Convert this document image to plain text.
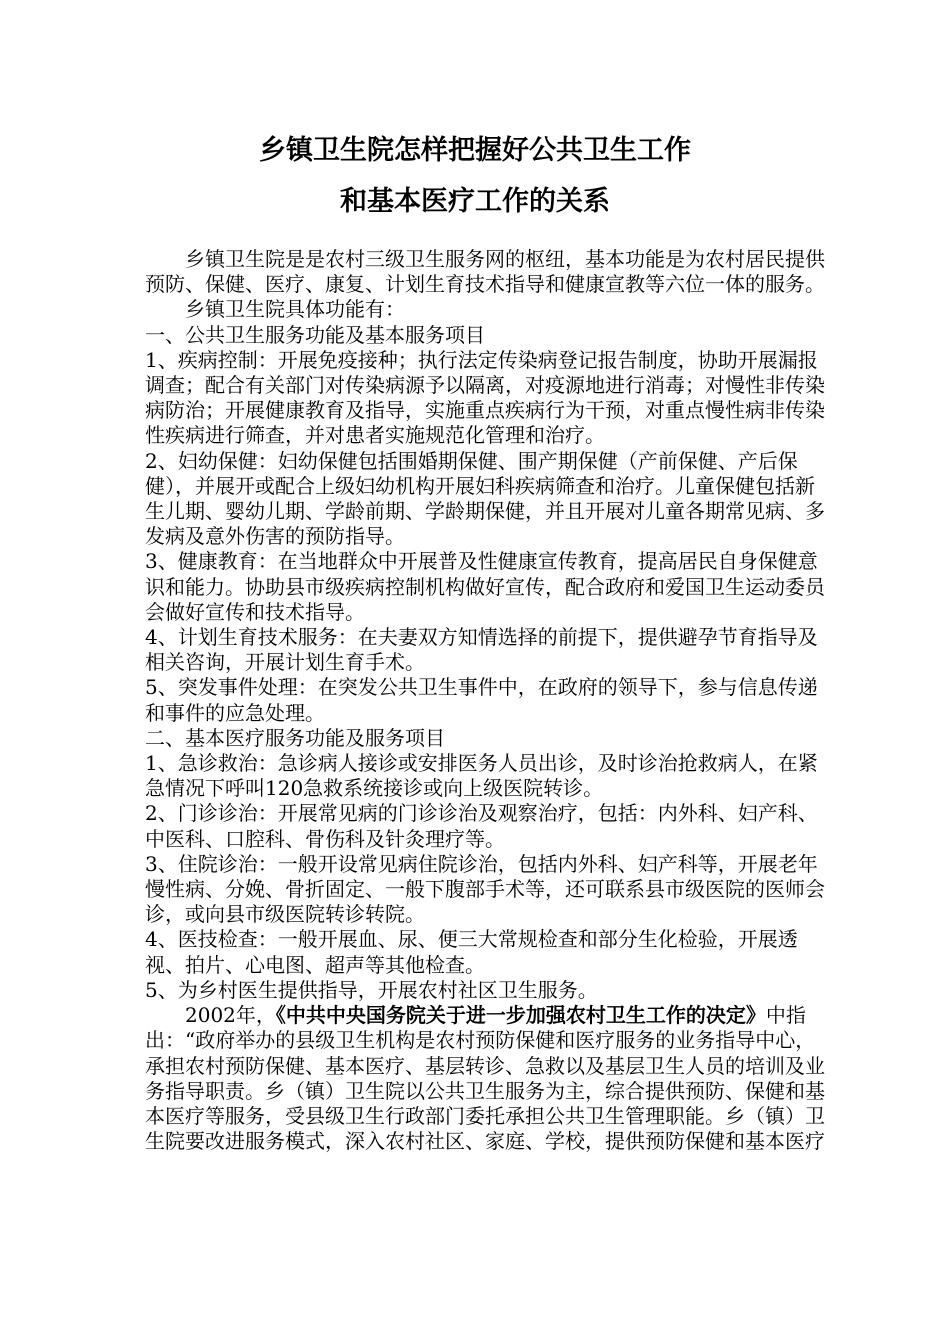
乡镇卫生院怎样把握好公共卫生工作
和基本医疗工作的关系

乡镇卫生院是是农村三级卫生服务网的枢纽，基本功能是为农村居民提供预防、保健、医疗、康复、计划生育技术指导和健康宣教等六位一体的服务。

乡镇卫生院具体功能有：

一、公共卫生服务功能及基本服务项目

1、疾病控制：开展免疫接种；执行法定传染病登记报告制度，协助开展漏报调查；配合有关部门对传染病源予以隔离，对疫源地进行消毒；对慢性非传染病防治；开展健康教育及指导，实施重点疾病行为干预，对重点慢性病非传染性疾病进行筛查，并对患者实施规范化管理和治疗。

2、妇幼保健：妇幼保健包括围婚期保健、围产期保健（产前保健、产后保健），并展开或配合上级妇幼机构开展妇科疾病筛查和治疗。儿童保健包括新生儿期、婴幼儿期、学龄前期、学龄期保健，并且开展对儿童各期常见病、多发病及意外伤害的预防指导。

3、健康教育：在当地群众中开展普及性健康宣传教育，提高居民自身保健意识和能力。协助县市级疾病控制机构做好宣传，配合政府和爱国卫生运动委员会做好宣传和技术指导。

4、计划生育技术服务：在夫妻双方知情选择的前提下，提供避孕节育指导及相关咨询，开展计划生育手术。

5、突发事件处理：在突发公共卫生事件中，在政府的领导下，参与信息传递和事件的应急处理。

二、基本医疗服务功能及服务项目

1、急诊救治：急诊病人接诊或安排医务人员出诊，及时诊治抢救病人，在紧急情况下呼叫120急救系统接诊或向上级医院转诊。

2、门诊诊治：开展常见病的门诊诊治及观察治疗，包括：内外科、妇产科、中医科、口腔科、骨伤科及针灸理疗等。

3、住院诊治：一般开设常见病住院诊治，包括内外科、妇产科等，开展老年慢性病、分娩、骨折固定、一般下腹部手术等，还可联系县市级医院的医师会诊，或向县市级医院转诊转院。

4、医技检查：一般开展血、尿、便三大常规检查和部分生化检验，开展透视、拍片、心电图、超声等其他检查。

5、为乡村医生提供指导，开展农村社区卫生服务。

2002年，《中共中央国务院关于进一步加强农村卫生工作的决定》中指出：“政府举办的县级卫生机构是农村预防保健和医疗服务的业务指导中心，承担农村预防保健、基本医疗、基层转诊、急救以及基层卫生人员的培训及业务指导职责。乡（镇）卫生院以公共卫生服务为主，综合提供预防、保健和基本医疗等服务，受县级卫生行政部门委托承担公共卫生管理职能。乡（镇）卫生院要改进服务模式，深入农村社区、家庭、学校，提供预防保健和基本医疗
